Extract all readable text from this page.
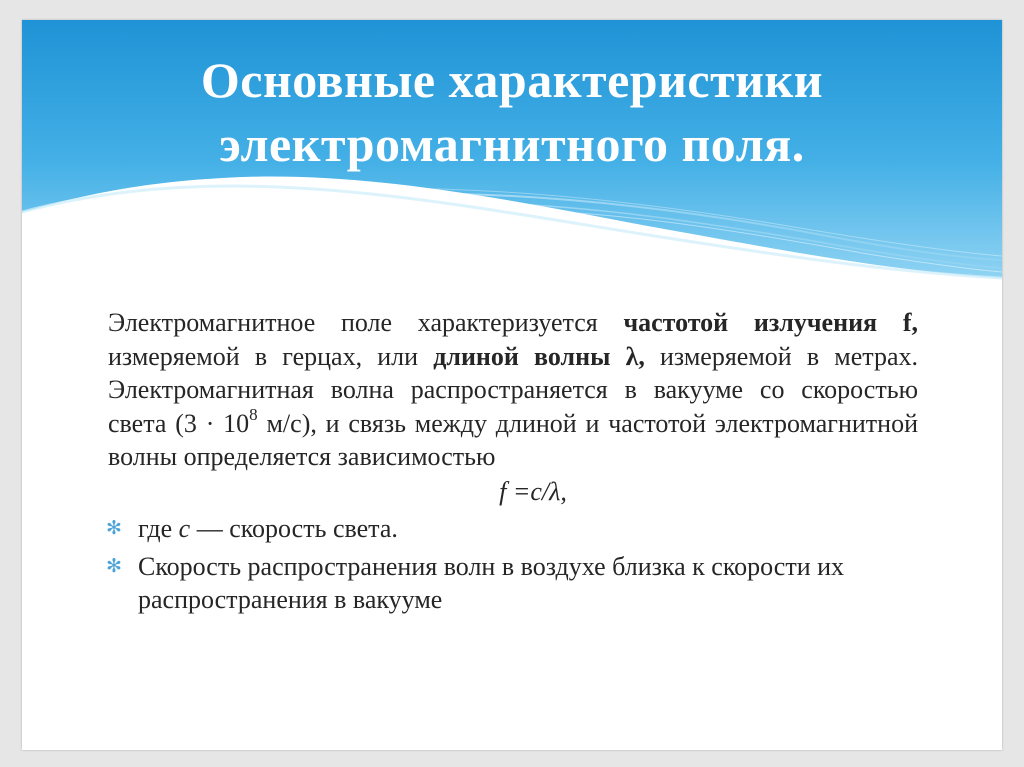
Основные характеристики
электромагнитного поля.

Электромагнитное поле характеризуется частотой излучения f, измеряемой в герцах, или длиной волны λ, измеряемой в метрах. Электромагнитная волна распространяется в вакууме со скоростью света ($3 \cdot 10^8$ м/с), и связь между длиной и частотой электромагнитной волны определяется зависимостью

f =c/λ,
✻ где c — скорость света.
✻ Скорость распространения волн в воздухе близка к скорости их распространения в вакууме
